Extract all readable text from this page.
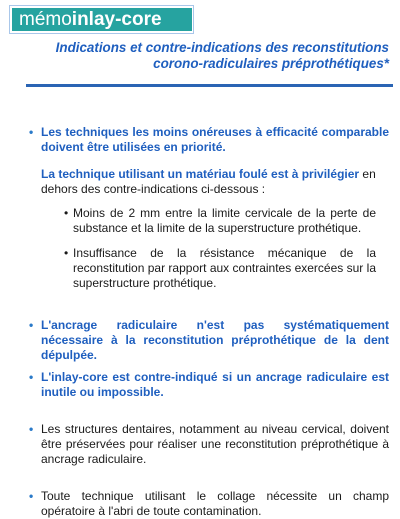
mémoinlay-core
Indications et contre-indications des reconstitutions
corono-radiculaires préprothétiques*
• Les techniques les moins onéreuses à efficacité comparable doivent être utilisées en priorité.
La technique utilisant un matériau foulé est à privilégier en dehors des contre-indications ci-dessous :
• Moins de 2 mm entre la limite cervicale de la perte de substance et la limite de la superstructure prothétique.
• Insuffisance de la résistance mécanique de la reconstitution par rapport aux contraintes exercées sur la superstructure prothétique.
• L'ancrage radiculaire n'est pas systématiquement nécessaire à la reconstitution préprothétique de la dent dépulpée.
• L'inlay-core est contre-indiqué si un ancrage radiculaire est inutile ou impossible.
• Les structures dentaires, notamment au niveau cervical, doivent être préservées pour réaliser une reconstitution préprothétique à ancrage radiculaire.
• Toute technique utilisant le collage nécessite un champ opératoire à l'abri de toute contamination.
